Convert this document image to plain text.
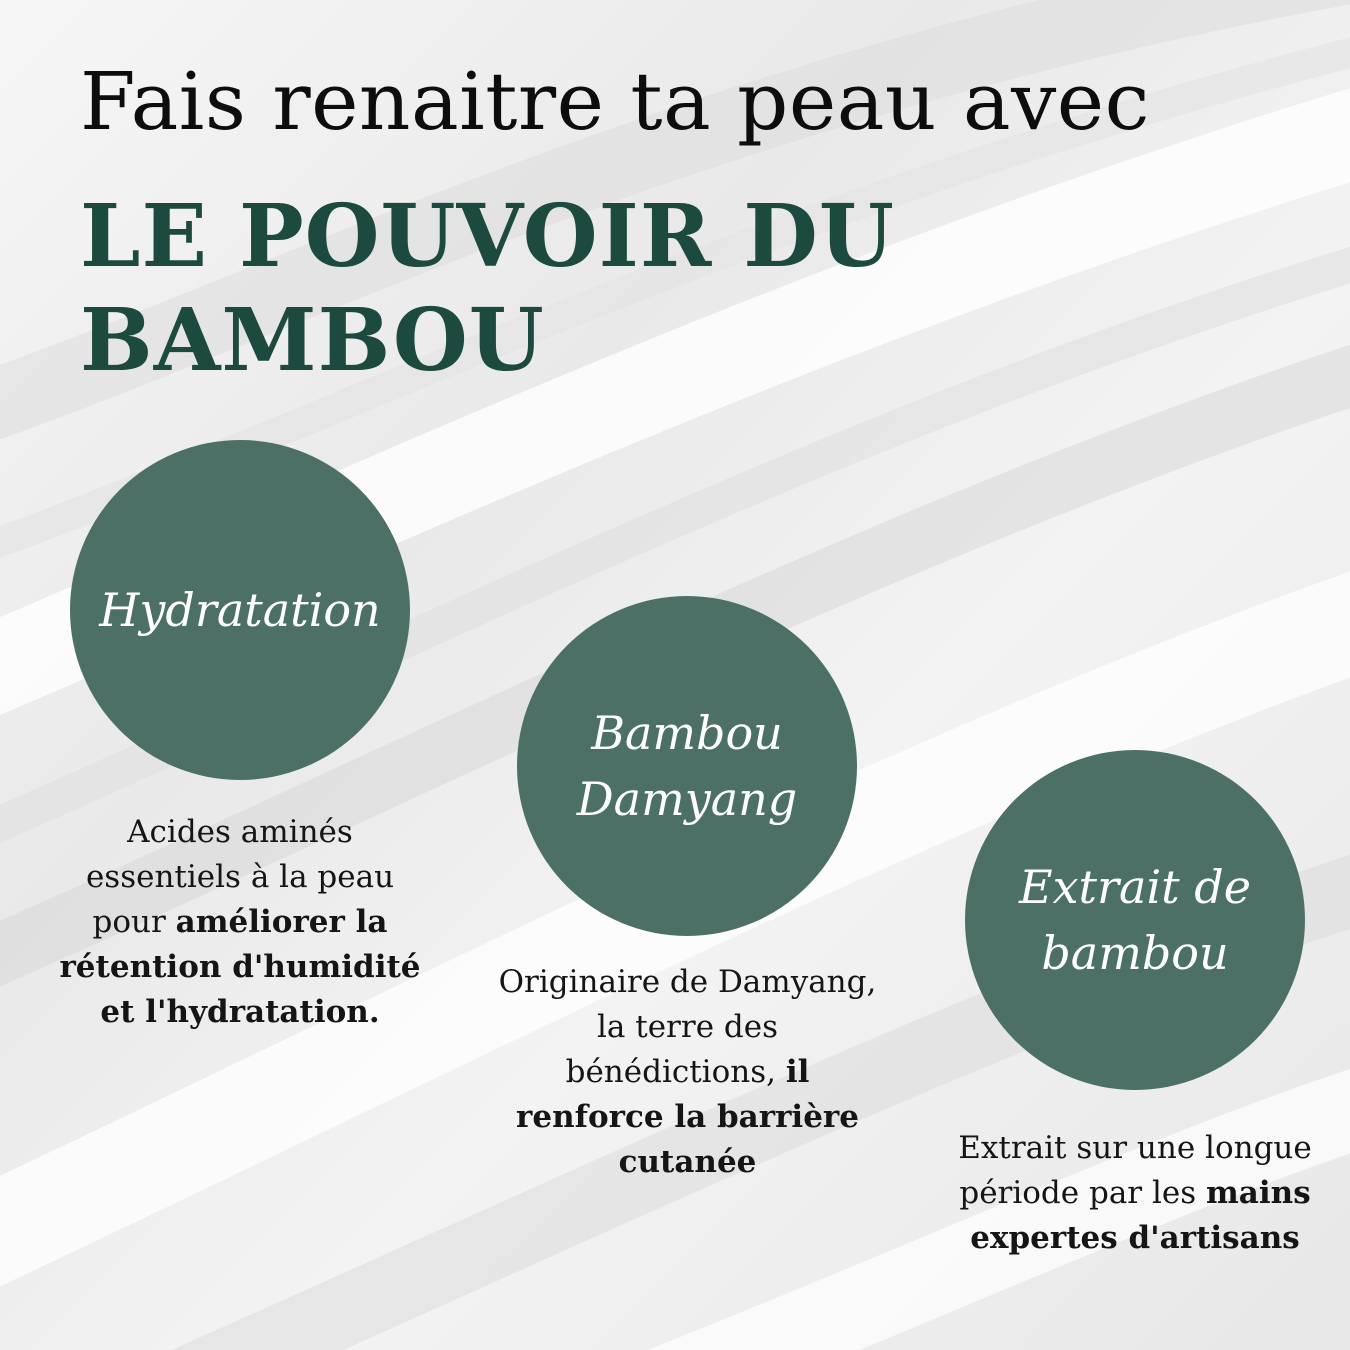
Fais renaitre ta peau avec
LE POUVOIR DU BAMBOU
Hydratation

Acides aminés essentiels à la peau pour améliorer la rétention d'humidité et l'hydratation.

Bambou Damyang

Originaire de Damyang, la terre des bénédictions, il renforce la barrière cutanée

Extrait de bambou

Extrait sur une longue période par les mains expertes d'artisans
